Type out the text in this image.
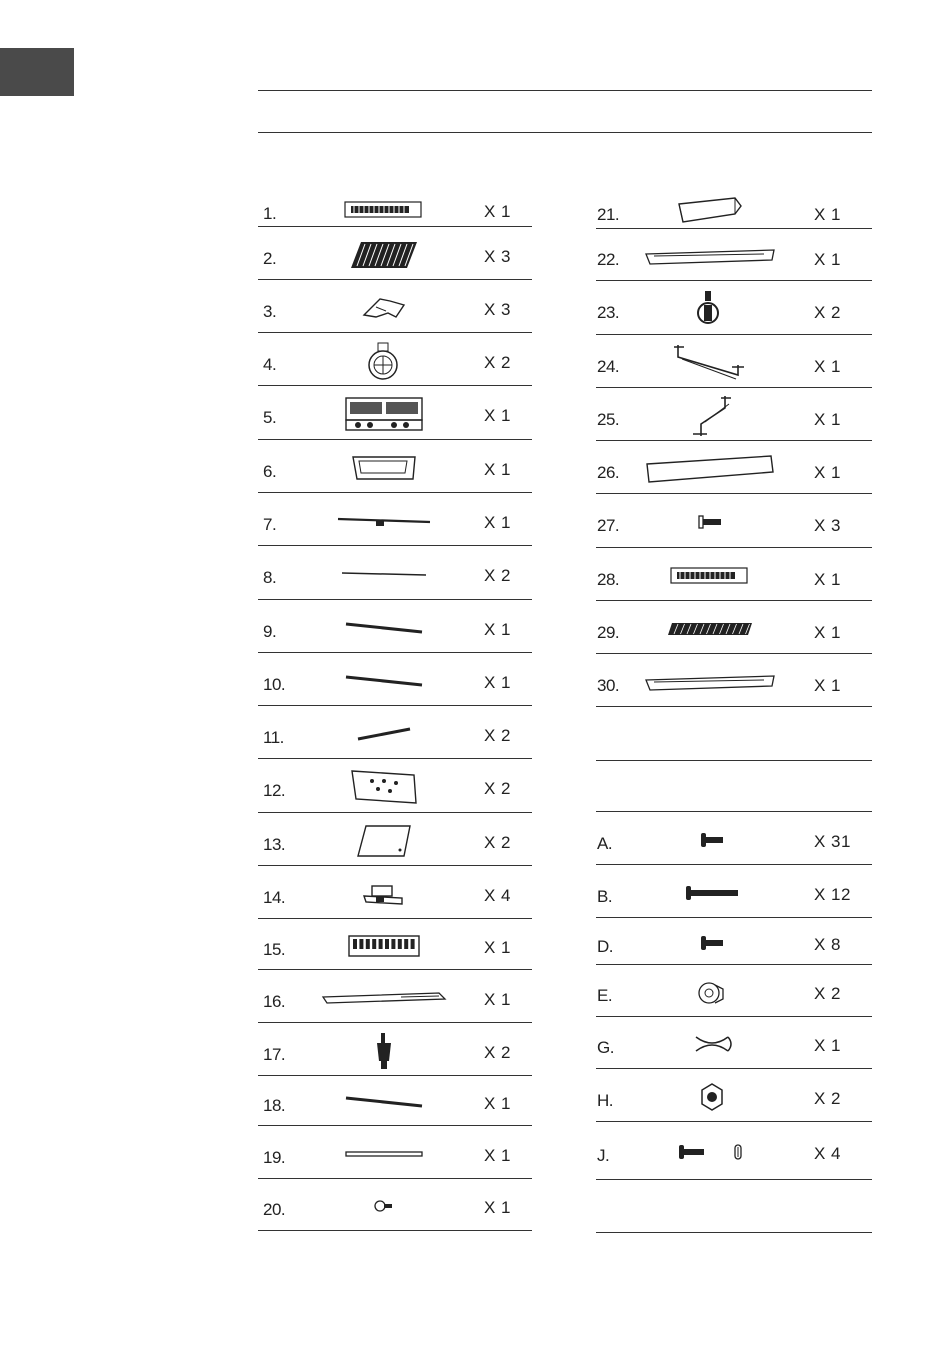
1.	X 1
2.	X 3
3.	X 3
4.	X 2
5.	X 1
6.	X 1
7.	X 1
8.	X 2
9.	X 1
10.	X 1
11.	X 2
12.	X 2
13.	X 2
14.	X 4
15.	X 1
16.	X 1
17.	X 2
18.	X 1
19.	X 1
20.	X 1
21.	X 1
22.	X 1
23.	X 2
24.	X 1
25.	X 1
26.	X 1
27.	X 3
28.	X 1
29.	X 1
30.	X 1
A.	X 31
B.	X 12
D.	X 8
E.	X 2
G.	X 1
H.	X 2
J.	X 4
